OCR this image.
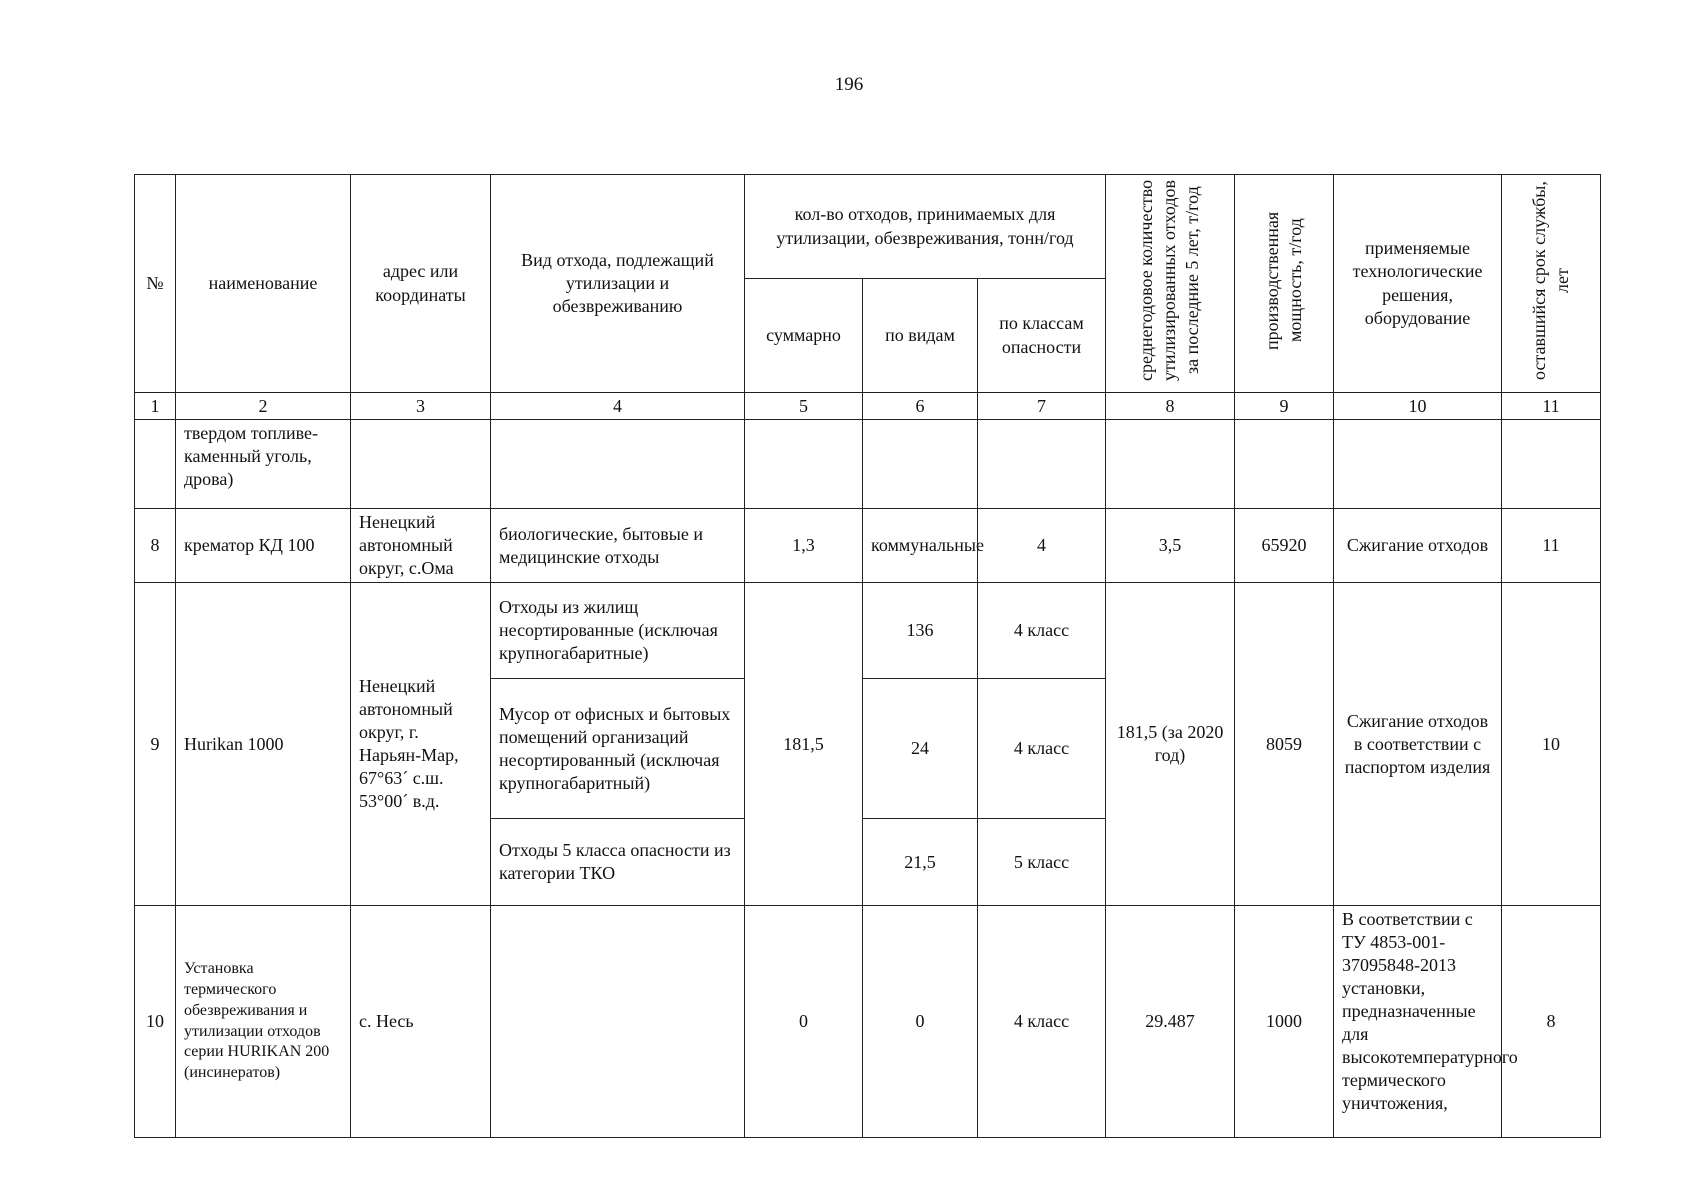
196
№	наименование	адрес или координаты	Вид отхода, подлежащий утилизации и обезвреживанию	кол-во отходов, принимаемых для утилизации, обезвреживания, тонн/год			среднегодовое количество утилизированных отходов за последние 5 лет, т/год	производственная мощность, т/год	применяемые технологические решения, оборудование	оставшийся срок службы, лет
				суммарно	по видам	по классам опасности				
1	2	3	4	5	6	7	8	9	10	11
	твердом топливе-каменный уголь, дрова)									
8	крематор КД 100	Ненецкий автономный округ, с.Ома	биологические, бытовые и медицинские отходы	1,3	коммунальные	4	3,5	65920	Сжигание отходов	11
9	Hurikan 1000	Ненецкий автономный округ, г. Нарьян-Мар, 67°63´ с.ш. 53°00´ в.д.	Отходы из жилищ несортированные (исключая крупногабаритные)	181,5	136	4 класс	181,5 (за 2020 год)	8059	Сжигание отходов в соответствии с паспортом изделия	10
			Мусор от офисных и бытовых помещений организаций несортированный (исключая крупногабаритный)		24	4 класс				
			Отходы 5 класса опасности из категории ТКО		21,5	5 класс				
10	Установка термического обезвреживания и утилизации отходов серии HURIKAN 200 (инсинератов)	с. Несь		0	0	4 класс	29.487	1000	В соответствии с ТУ 4853-001-37095848-2013 установки, предназначенные для высокотемпературного термического уничтожения,	8
